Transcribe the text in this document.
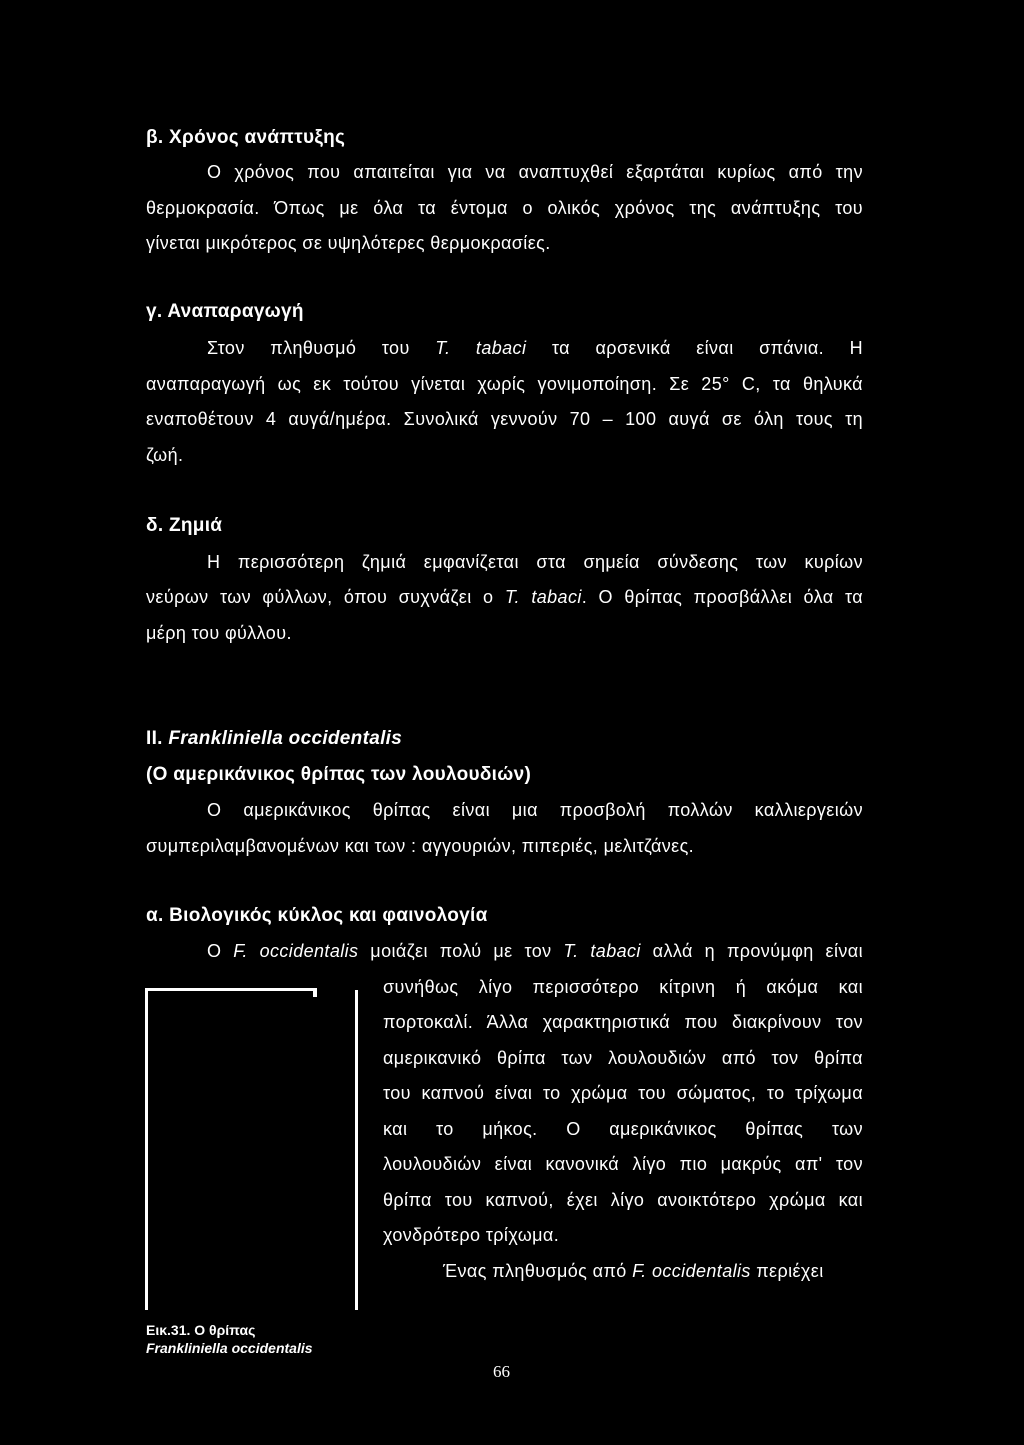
β. Χρόνος ανάπτυξης
Ο χρόνος που απαιτείται για να αναπτυχθεί εξαρτάται κυρίως από την
θερμοκρασία. Όπως με όλα τα έντομα ο ολικός χρόνος της ανάπτυξης του
γίνεται μικρότερος σε υψηλότερες θερμοκρασίες.
γ. Αναπαραγωγή
Στον πληθυσμό του T. tabaci τα αρσενικά είναι σπάνια. Η
αναπαραγωγή ως εκ τούτου γίνεται χωρίς γονιμοποίηση. Σε 25° C, τα θηλυκά
εναποθέτουν 4 αυγά/ημέρα. Συνολικά γεννούν 70 – 100 αυγά σε όλη τους τη
ζωή.
δ. Ζημιά
Η περισσότερη ζημιά εμφανίζεται στα σημεία σύνδεσης των κυρίων
νεύρων των φύλλων, όπου συχνάζει ο T. tabaci. Ο θρίπας προσβάλλει όλα τα
μέρη του φύλλου.
ΙΙ. Frankliniella occidentalis
(Ο αμερικάνικος θρίπας των λουλουδιών)
Ο αμερικάνικος θρίπας είναι μια προσβολή πολλών καλλιεργειών
συμπεριλαμβανομένων και των : αγγουριών, πιπεριές, μελιτζάνες.
α. Βιολογικός κύκλος και φαινολογία
Ο F. occidentalis μοιάζει πολύ με τον T. tabaci αλλά η προνύμφη είναι
συνήθως λίγο περισσότερο κίτρινη ή ακόμα και
πορτοκαλί. Άλλα χαρακτηριστικά που διακρίνουν τον
αμερικανικό θρίπα των λουλουδιών από τον θρίπα
του καπνού είναι το χρώμα του σώματος, το τρίχωμα
και το μήκος. Ο αμερικάνικος θρίπας των
λουλουδιών είναι κανονικά λίγο πιο μακρύς απ' τον
θρίπα του καπνού, έχει λίγο ανοικτότερο χρώμα και
χονδρότερο τρίχωμα.
Ένας πληθυσμός από F. occidentalis περιέχει
Εικ.31. Ο θρίπας
Frankliniella occidentalis
66
